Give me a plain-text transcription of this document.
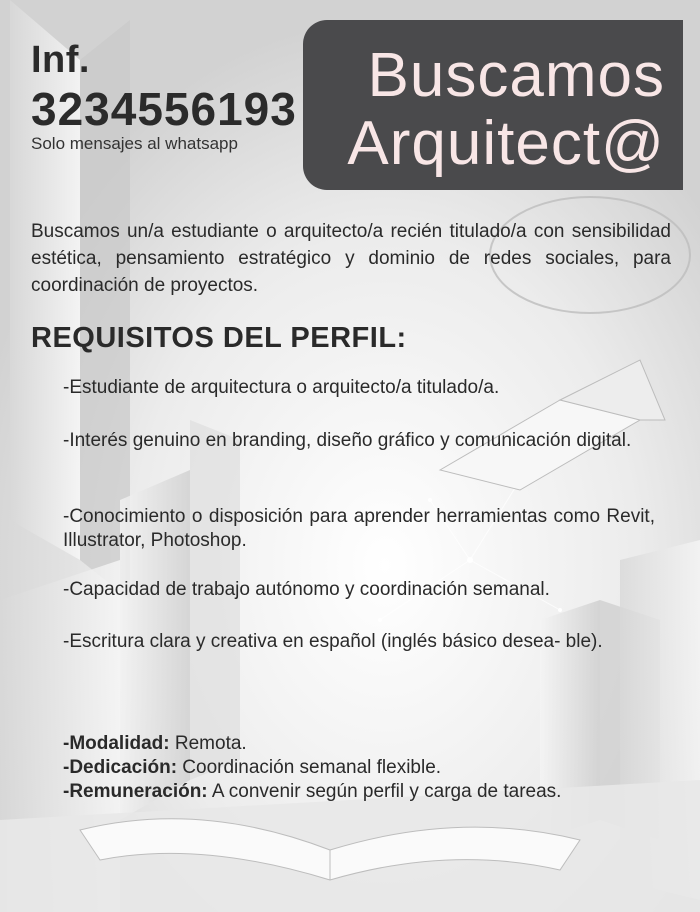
Inf.
3234556193
Solo mensajes al whatsapp
Buscamos
Arquitect@
Buscamos un/a estudiante o arquitecto/a recién titulado/a con sensibilidad estética, pensamiento estratégico y dominio de redes sociales, para coordinación de proyectos.
REQUISITOS DEL PERFIL:
-Estudiante de arquitectura o arquitecto/a titulado/a.
-Interés genuino en branding, diseño gráfico y comunicación digital.
-Conocimiento o disposición para aprender herramientas como Revit, Illustrator, Photoshop.
-Capacidad de trabajo autónomo y coordinación semanal.
-Escritura clara y creativa en español (inglés básico desea- ble).
-Modalidad: Remota.
-Dedicación: Coordinación semanal flexible.
-Remuneración: A convenir según perfil y carga de tareas.
